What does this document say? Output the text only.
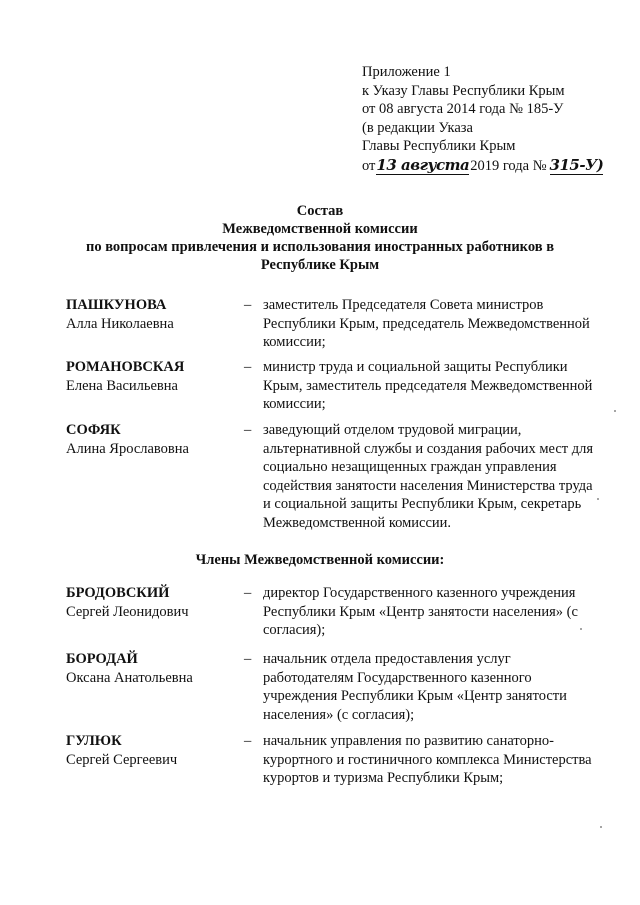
Приложение 1
к Указу Главы Республики Крым
от 08 августа 2014 года № 185-У
(в редакции Указа
Главы Республики Крым
от13 августа2019 года № 315-У)
Состав
Межведомственной комиссии
по вопросам привлечения и использования иностранных работников в
Республике Крым
ПАШКУНОВА
Алла Николаевна
– заместитель Председателя Совета министров Республики Крым, председатель Межведомственной комиссии;
РОМАНОВСКАЯ
Елена Васильевна
– министр труда и социальной защиты Республики Крым, заместитель председателя Межведомственной комиссии;
СОФЯК
Алина Ярославовна
– заведующий отделом трудовой миграции, альтернативной службы и создания рабочих мест для социально незащищенных граждан управления содействия занятости населения Министерства труда и социальной защиты Республики Крым, секретарь Межведомственной комиссии.
Члены Межведомственной комиссии:
БРОДОВСКИЙ
Сергей Леонидович
– директор Государственного казенного учреждения Республики Крым «Центр занятости населения» (с согласия);
БОРОДАЙ
Оксана Анатольевна
– начальник отдела предоставления услуг работодателям Государственного казенного учреждения Республики Крым «Центр занятости населения» (с согласия);
ГУЛЮК
Сергей Сергеевич
– начальник управления по развитию санаторно-курортного и гостиничного комплекса Министерства курортов и туризма Республики Крым;
